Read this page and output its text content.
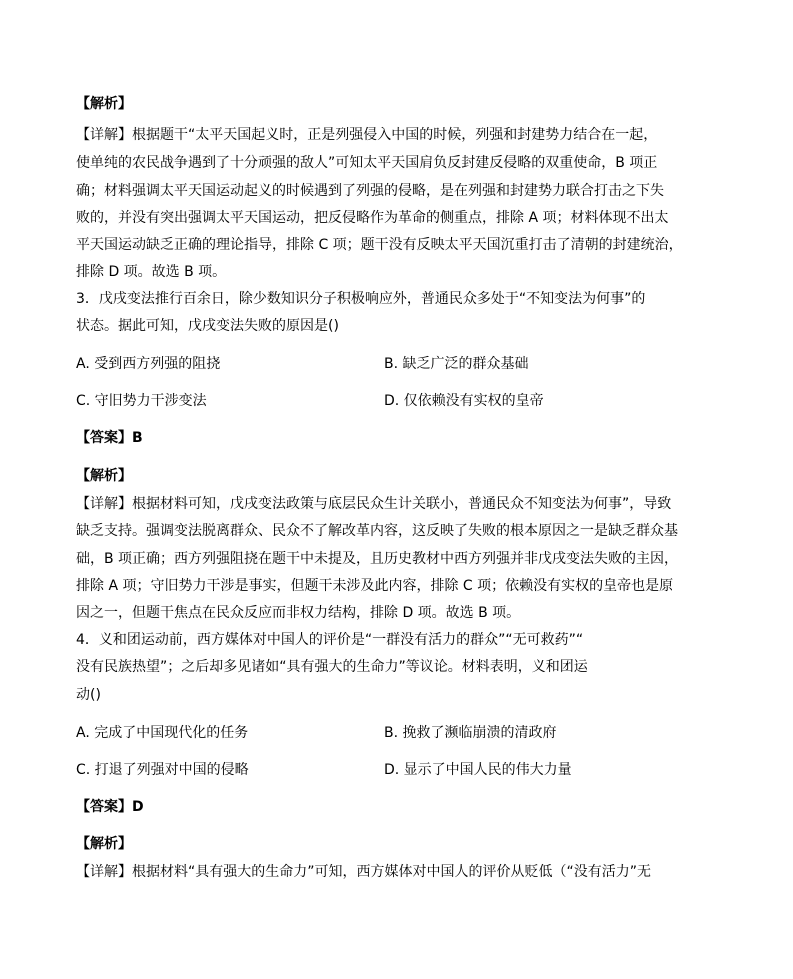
【解析】
【详解】根据题干“太平天国起义时，正是列强侵入中国的时候，列强和封建势力结合在一起，
使单纯的农民战争遇到了十分顽强的敌人”可知太平天国肩负反封建反侵略的双重使命，B 项正
确；材料强调太平天国运动起义的时候遇到了列强的侵略，是在列强和封建势力联合打击之下失
败的，并没有突出强调太平天国运动，把反侵略作为革命的侧重点，排除 A 项；材料体现不出太
平天国运动缺乏正确的理论指导，排除 C 项；题干没有反映太平天国沉重打击了清朝的封建统治，
排除 D 项。故选 B 项。
3．戊戌变法推行百余日，除少数知识分子积极响应外，普通民众多处于“不知变法为何事”的
状态。据此可知，戊戌变法失败的原因是()
A. 受到西方列强的阻挠	B. 缺乏广泛的群众基础
C. 守旧势力干涉变法	D. 仅依赖没有实权的皇帝
【答案】B
【解析】
【详解】根据材料可知，戊戌变法政策与底层民众生计关联小，普通民众不知变法为何事”，导致
缺乏支持。强调变法脱离群众、民众不了解改革内容，这反映了失败的根本原因之一是缺乏群众基
础，B 项正确；西方列强阻挠在题干中未提及，且历史教材中西方列强并非戊戌变法失败的主因，
排除 A 项；守旧势力干涉是事实，但题干未涉及此内容，排除 C 项；依赖没有实权的皇帝也是原
因之一，但题干焦点在民众反应而非权力结构，排除 D 项。故选 B 项。
4．义和团运动前，西方媒体对中国人的评价是“一群没有活力的群众”“无可救药”“
没有民族热望”；之后却多见诸如“具有强大的生命力”等议论。材料表明，义和团运
动()
A. 完成了中国现代化的任务	B. 挽救了濒临崩溃的清政府
C. 打退了列强对中国的侵略	D. 显示了中国人民的伟大力量
【答案】D
【解析】
【详解】根据材料“具有强大的生命力”可知，西方媒体对中国人的评价从贬低（“没有活力”无
